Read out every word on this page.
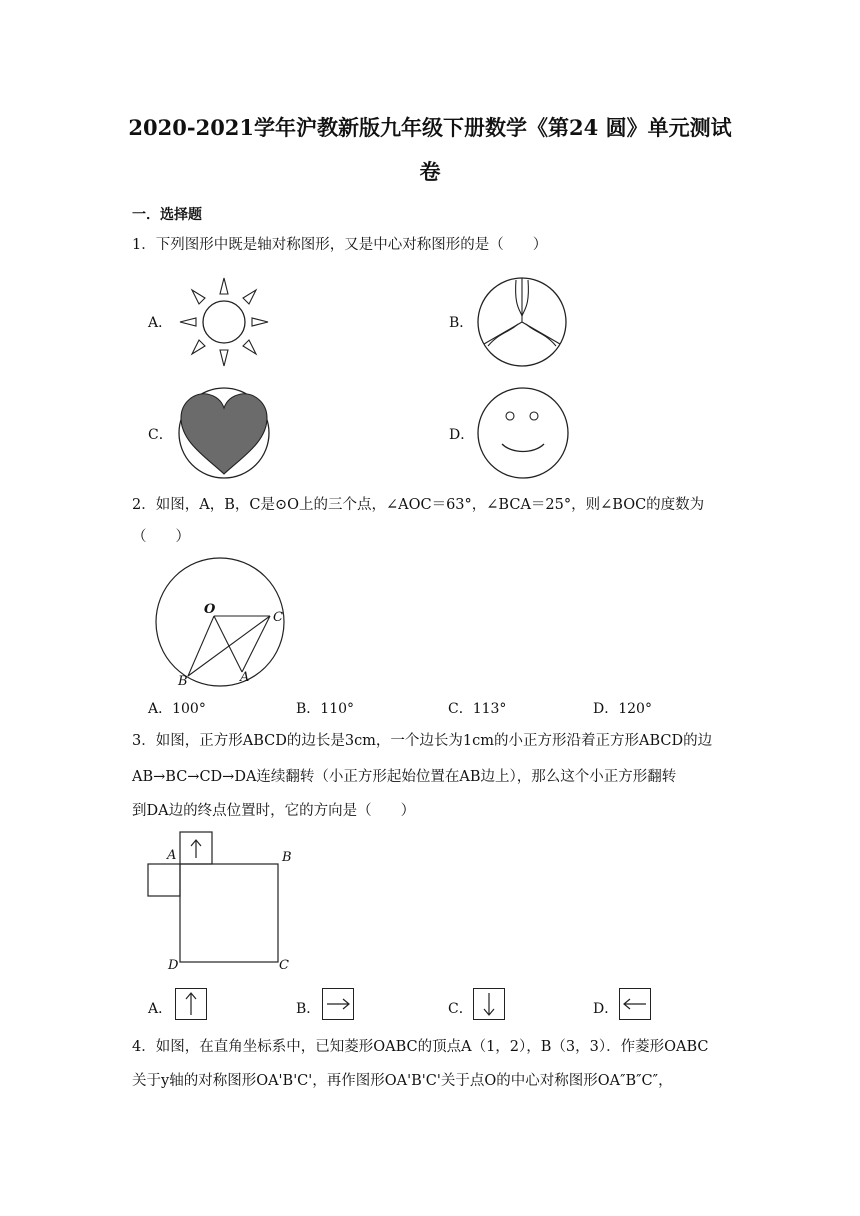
2020-2021学年沪教新版九年级下册数学《第24 圆》单元测试
卷
一．选择题
1．下列图形中既是轴对称图形，又是中心对称图形的是（　　）
A．	B．
C．	D．
2．如图，A，B，C是⊙O上的三个点，∠AOC＝63°，∠BCA＝25°，则∠BOC的度数为
（　　）
O
C
B	A
A．100°	B．110°	C．113°	D．120°
3．如图，正方形ABCD的边长是3cm，一个边长为1cm的小正方形沿着正方形ABCD的边
AB→BC→CD→DA连续翻转（小正方形起始位置在AB边上），那么这个小正方形翻转
到DA边的终点位置时，它的方向是（　　）
A	B
D	C
A．	B．	C．	D．
4．如图，在直角坐标系中，已知菱形OABC的顶点A（1，2），B（3，3）．作菱形OABC
关于y轴的对称图形OA'B'C'，再作图形OA'B'C'关于点O的中心对称图形OA″B″C″，
